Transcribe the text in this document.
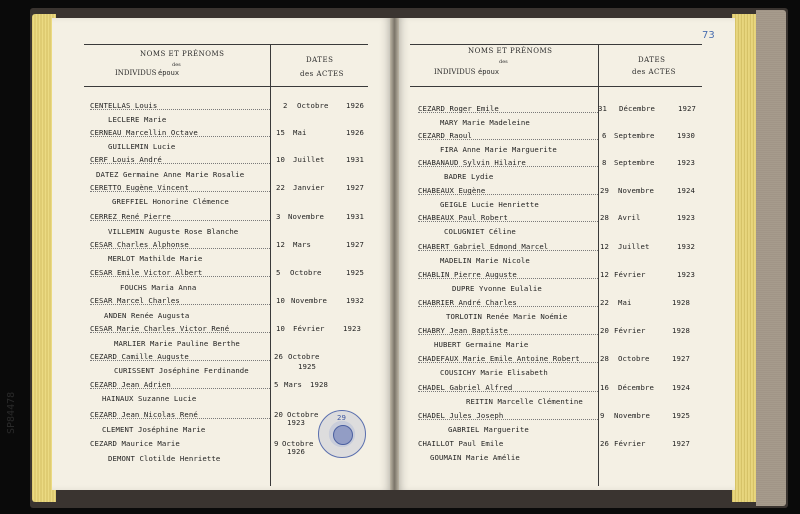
NOMS ET PRÉNOMS
des
INDIVIDUS époux
DATES
des ACTES
NOMS ET PRÉNOMS
des
INDIVIDUS époux
DATES
des ACTES
CENTELLAS Louis
LECLERE Marie
2 Octobre 1926
CERNEAU Marcellin Octave
GUILLEMIN Lucie
15 Mai	1926
CERF Louis André
DATEZ Germaine Anne Marie Rosalie
10 Juillet	1931
CERETTO Eugène Vincent
GREFFIEL Honorine Clémence
22 Janvier	1927
CERREZ René Pierre
VILLEMIN Auguste Rose Blanche
3 Novembre	1931
CESAR Charles Alphonse
MERLOT Mathilde Marie
12 Mars	1927
CESAR Emile Victor Albert
FOUCHS Maria Anna
5 Octobre	1925
CESAR Marcel Charles
ANDEN Renée Augusta
10 Novembre	1932
CESAR Marie Charles Victor René
MARLIER Marie Pauline Berthe
10 Février	1923
CEZARD Camille Auguste
CURISSENT Joséphine Ferdinande
26 Octobre
1925
CEZARD Jean Adrien
HAINAUX Suzanne Lucie
5 Mars 1928
CEZARD Jean Nicolas René
CLEMENT Joséphine Marie
20 Octobre
1923
CEZARD Maurice Marie
DEMONT Clotilde Henriette
9 Octobre
1926
CEZARD Roger Emile
MARY Marie Madeleine
31 Décembre	1927
CEZARD Raoul
FIRA Anne Marie Marguerite
6 Septembre	1930
CHABANAUD Sylvin Hilaire
BADRE Lydie
8 Septembre	1923
CHABEAUX Eugène
GEIGLE Lucie Henriette
29 Novembre	1924
CHABEAUX Paul Robert
COLUGNIET Céline
28 Avril	1923
CHABERT Gabriel Edmond Marcel
MADELIN Marie Nicole
12 Juillet	1932
CHABLIN Pierre Auguste
DUPRE Yvonne Eulalie
12 Février	1923
CHABRIER André Charles
TORLOTIN Renée Marie Noémie
22 Mai	1928
CHABRY Jean Baptiste
HUBERT Germaine Marie
20 Février	1928
CHADEFAUX Marie Emile Antoine Robert
COUSICHY Marie Elisabeth
28 Octobre	1927
CHADEL Gabriel Alfred
REITIN Marcelle Clémentine
16 Décembre 1924
CHADEL Jules Joseph
GABRIEL Marguerite
9 Novembre	1925
CHAILLOT Paul Emile
GOUMAIN Marie Amélie
26 Février	1927
29
SP84478
73
